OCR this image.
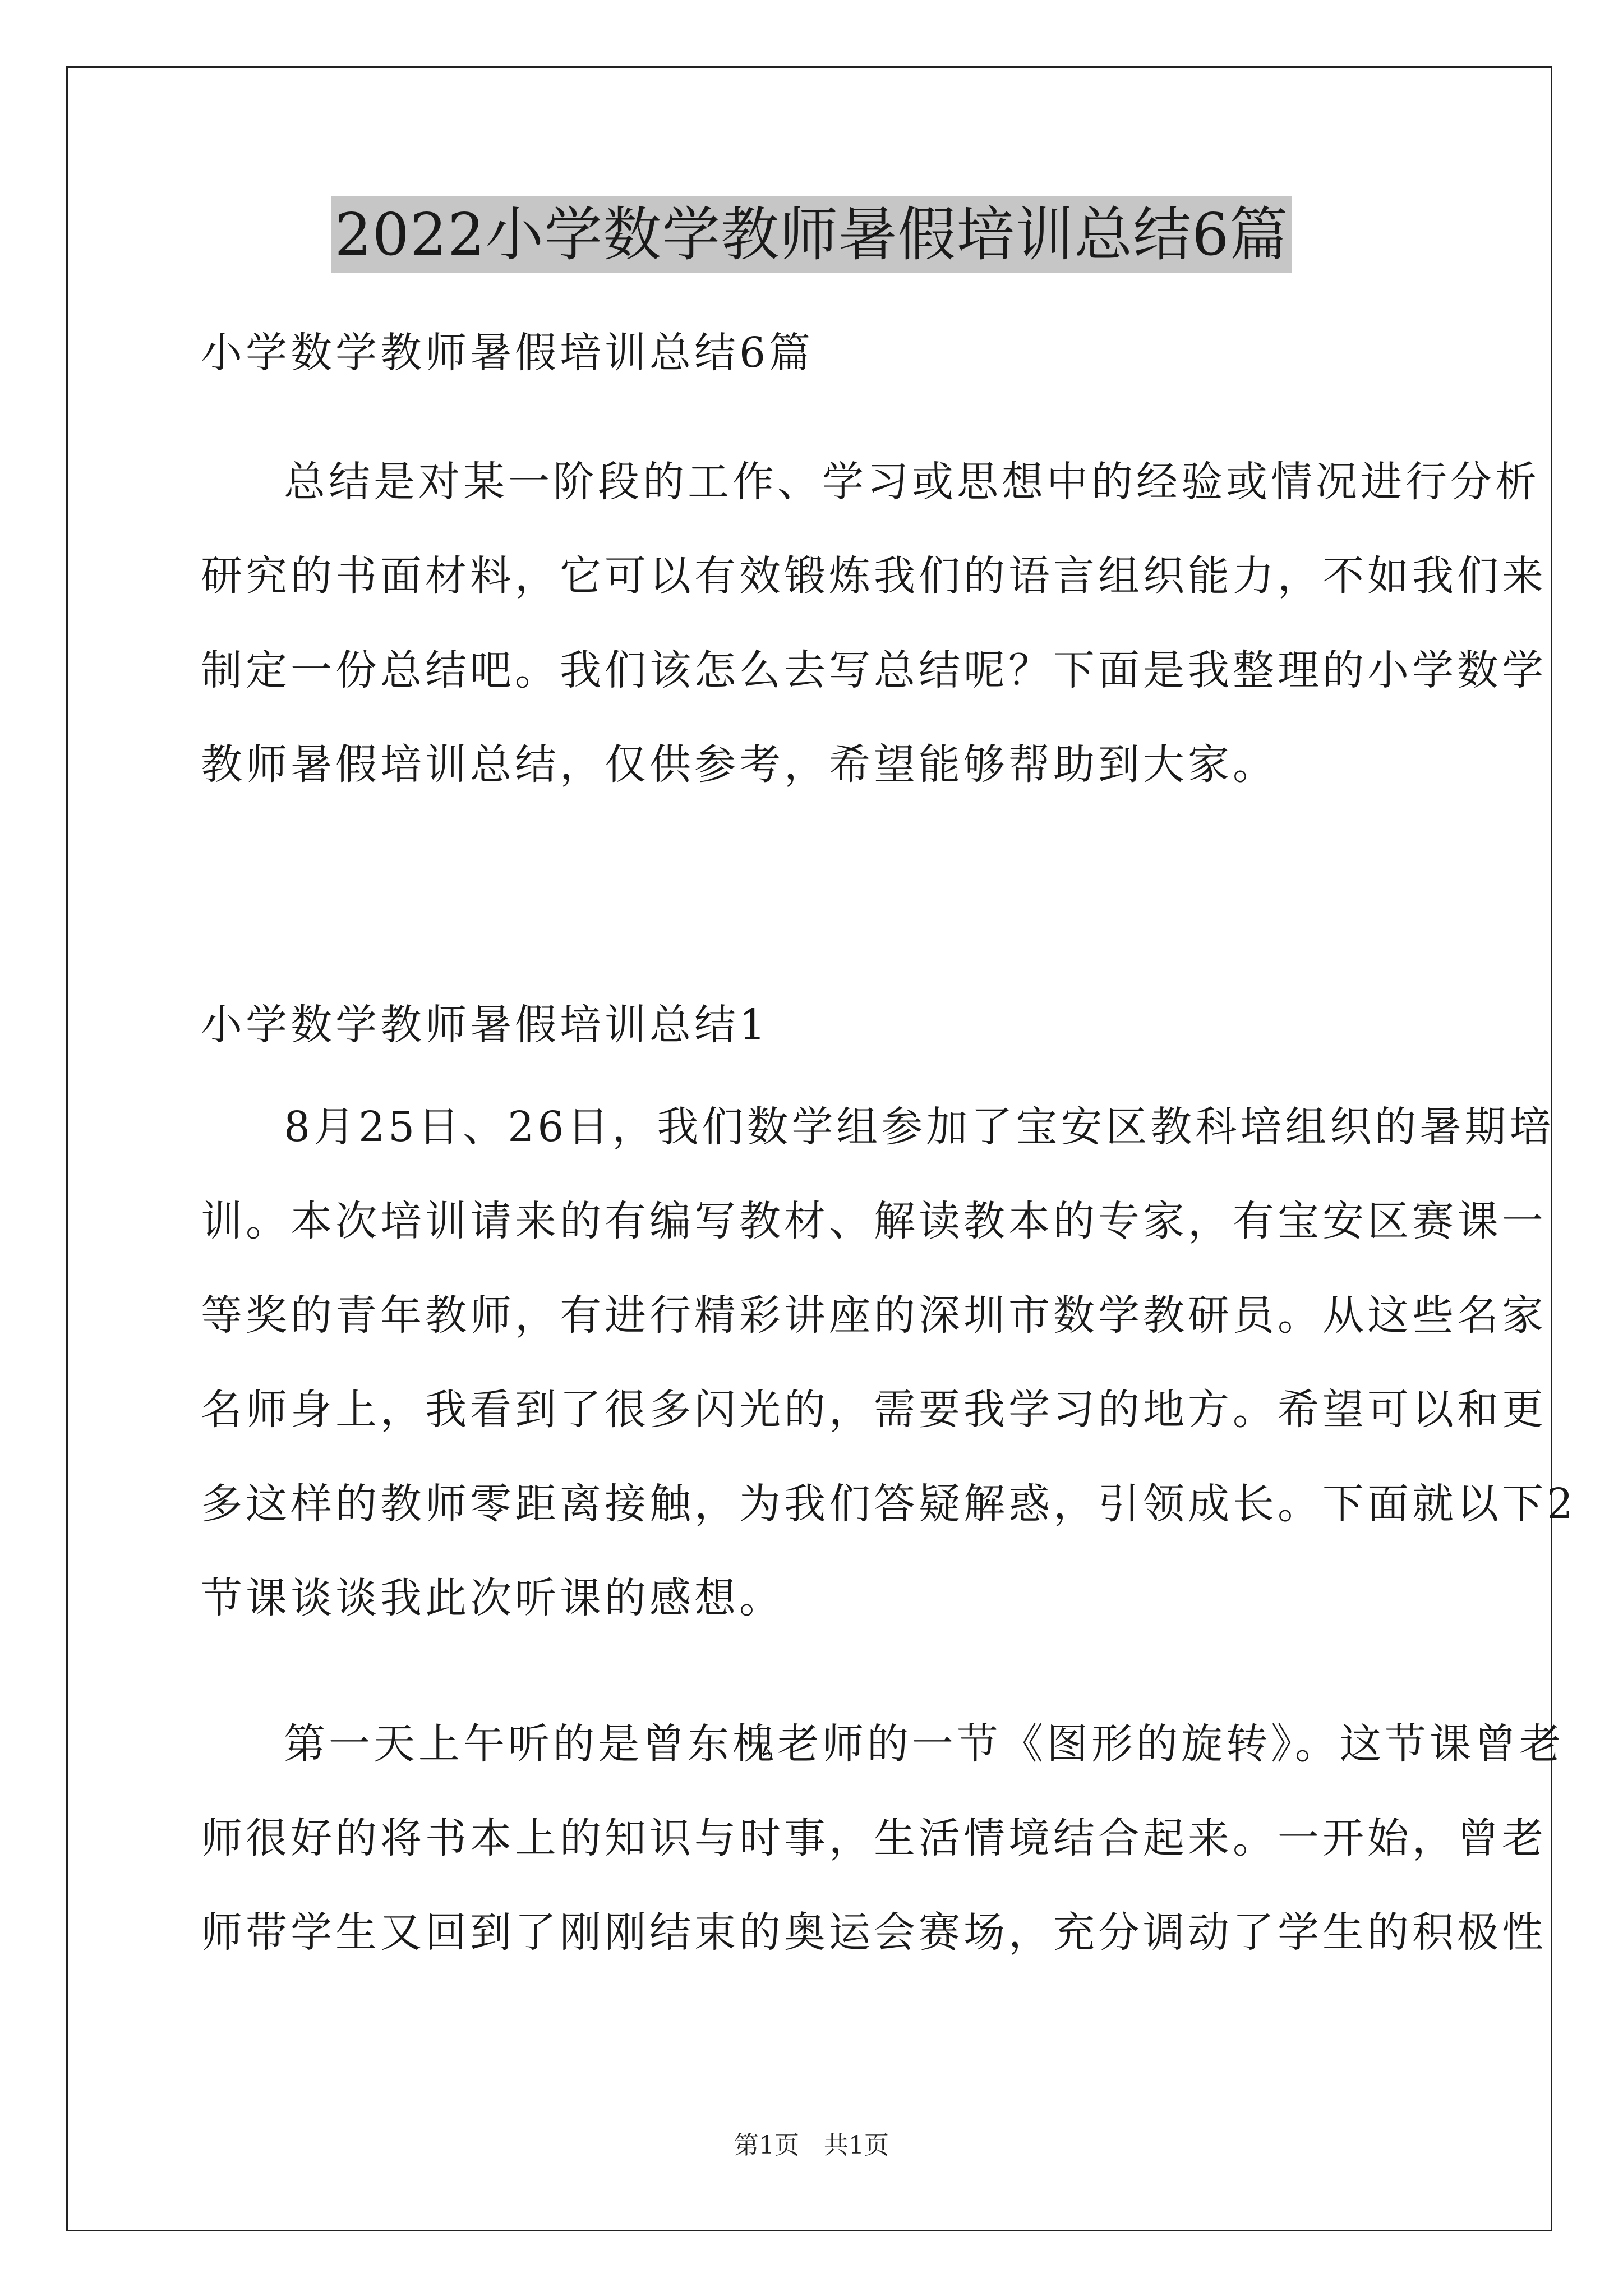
2022小学数学教师暑假培训总结6篇
小学数学教师暑假培训总结6篇
总结是对某一阶段的工作、学习或思想中的经验或情况进行分析
研究的书面材料，它可以有效锻炼我们的语言组织能力，不如我们来
制定一份总结吧。我们该怎么去写总结呢？下面是我整理的小学数学
教师暑假培训总结，仅供参考，希望能够帮助到大家。
小学数学教师暑假培训总结1
8月25日、26日，我们数学组参加了宝安区教科培组织的暑期培
训。本次培训请来的有编写教材、解读教本的专家，有宝安区赛课一
等奖的青年教师，有进行精彩讲座的深圳市数学教研员。从这些名家
名师身上，我看到了很多闪光的，需要我学习的地方。希望可以和更
多这样的教师零距离接触，为我们答疑解惑，引领成长。下面就以下2
节课谈谈我此次听课的感想。
第一天上午听的是曾东槐老师的一节《图形的旋转》。这节课曾老
师很好的将书本上的知识与时事，生活情境结合起来。一开始，曾老
师带学生又回到了刚刚结束的奥运会赛场，充分调动了学生的积极性
第1页　共1页
